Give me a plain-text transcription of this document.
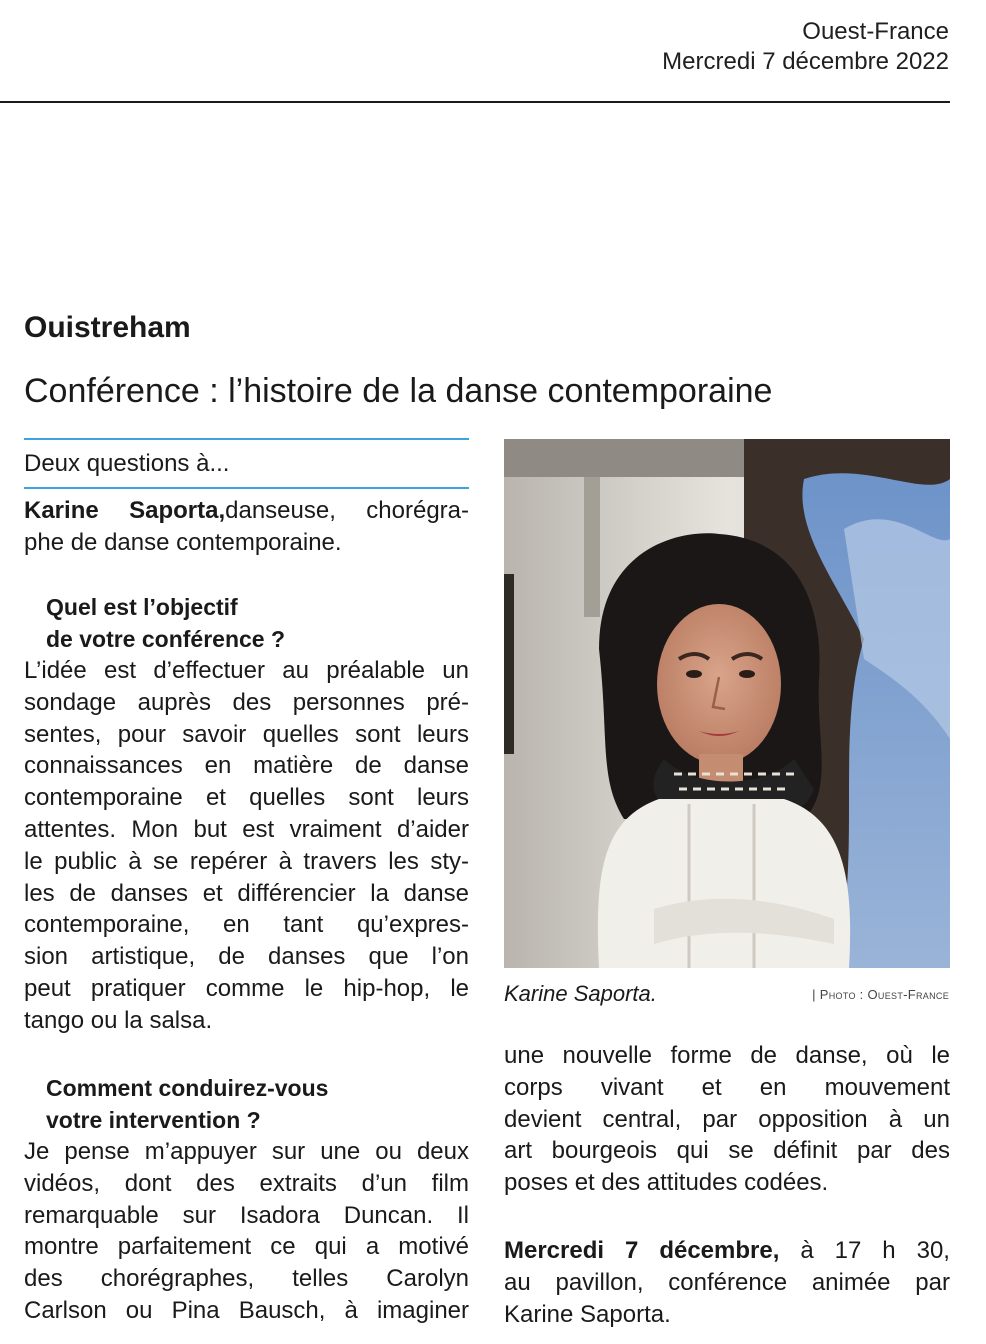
Ouest-France
Mercredi 7 décembre 2022
Ouistreham
Conférence : l’histoire de la danse contemporaine
Deux questions à...
Karine Saporta,danseuse, chorégra-
phe de danse contemporaine.
Quel est l’objectif
de votre conférence ?
L’idée est d’effectuer au préalable un
sondage auprès des personnes pré-
sentes, pour savoir quelles sont leurs
connaissances en matière de danse
contemporaine et quelles sont leurs
attentes. Mon but est vraiment d’aider
le public à se repérer à travers les sty-
les de danses et différencier la danse
contemporaine, en tant qu’expres-
sion artistique, de danses que l’on
peut pratiquer comme le hip-hop, le
tango ou la salsa.
Comment conduirez-vous
votre intervention ?
Je pense m’appuyer sur une ou deux
vidéos, dont des extraits d’un film
remarquable sur Isadora Duncan. Il
montre parfaitement ce qui a motivé
des chorégraphes, telles Carolyn
Carlson ou Pina Bausch, à imaginer
Karine Saporta.	| Photo : Ouest-France
une nouvelle forme de danse, où le
corps vivant et en mouvement
devient central, par opposition à un
art bourgeois qui se définit par des
poses et des attitudes codées.
Mercredi 7 décembre, à 17 h 30,
au pavillon, conférence animée par
Karine Saporta.
